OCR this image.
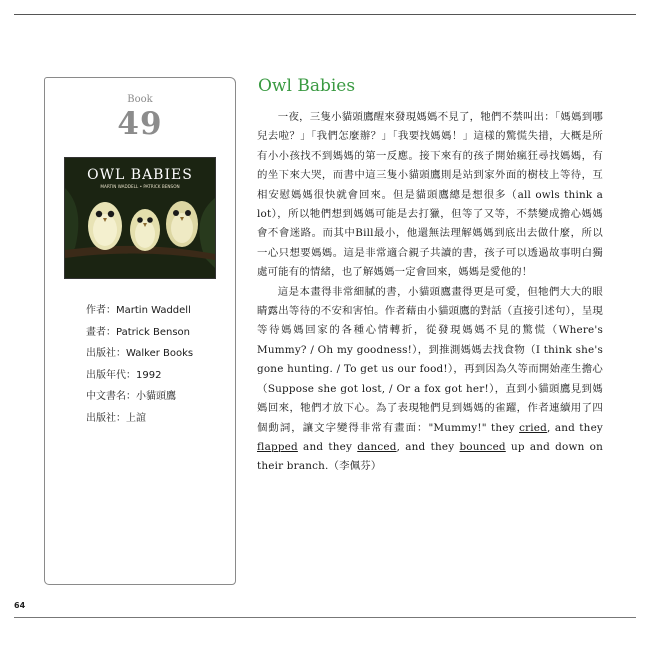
Book
49
OWL BABIES
MARTIN WADDELL • PATRICK BENSON
作者：Martin Waddell
畫者：Patrick Benson
出版社：Walker Books
出版年代：1992
中文書名：小貓頭鷹
出版社：上誼
Owl Babies

一夜，三隻小貓頭鷹醒來發現媽媽不見了，牠們不禁叫出：「媽媽到哪兒去啦？」「我們怎麼辦？」「我要找媽媽！」這樣的驚慌失措，大概是所有小小孩找不到媽媽的第一反應。接下來有的孩子開始瘋狂尋找媽媽，有的坐下來大哭，而書中這三隻小貓頭鷹則是站到家外面的樹枝上等待，互相安慰媽媽很快就會回來。但是貓頭鷹總是想很多（all owls think a lot），所以牠們想到媽媽可能是去打獵，但等了又等，不禁變成擔心媽媽會不會迷路。而其中Bill最小，他還無法理解媽媽到底出去做什麼，所以一心只想要媽媽。這是非常適合親子共讀的書，孩子可以透過故事明白獨處可能有的情緒，也了解媽媽一定會回來，媽媽是愛他的！

這是本畫得非常細膩的書，小貓頭鷹畫得更是可愛，但牠們大大的眼睛露出等待的不安和害怕。作者藉由小貓頭鷹的對話（直接引述句），呈現等待媽媽回家的各種心情轉折，從發現媽媽不見的驚慌（Where's Mummy? / Oh my goodness!），到推測媽媽去找食物（I think she's gone hunting. / To get us our food!），再到因為久等而開始產生擔心（Suppose she got lost, / Or a fox got her!），直到小貓頭鷹見到媽媽回來，牠們才放下心。為了表現牠們見到媽媽的雀躍，作者連續用了四個動詞，讓文字變得非常有畫面："Mummy!" they cried, and they flapped and they danced, and they bounced up and down on their branch.（李佩芬）

64
